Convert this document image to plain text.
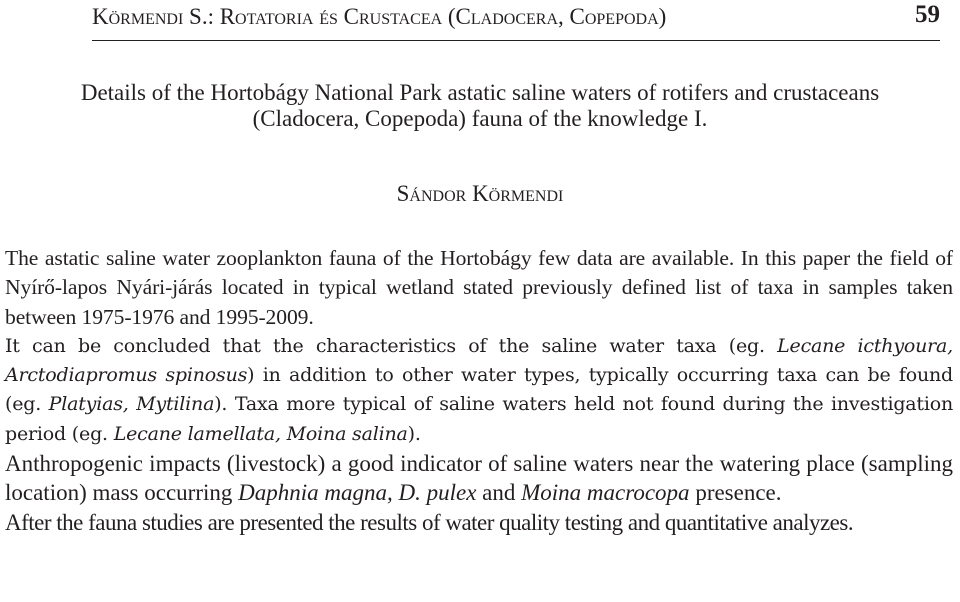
Körmendi S.: Rotatoria és Crustacea (Cladocera, Copepoda)	59
Details of the Hortobágy National Park astatic saline waters of rotifers and crustaceans
(Cladocera, Copepoda) fauna of the knowledge I.
Sándor Körmendi

The astatic saline water zooplankton fauna of the Hortobágy few data are available. In this paper the field of Nyírő-lapos Nyári-járás located in typical wetland stated previously defined list of taxa in samples taken between 1975-1976 and 1995-2009.

It can be concluded that the characteristics of the saline water taxa (eg. Lecane icthyoura, Arctodiapromus spinosus) in addition to other water types, typically occurring taxa can be found (eg. Platyias, Mytilina). Taxa more typical of saline waters held not found during the investigation period (eg. Lecane lamellata, Moina salina).

Anthropogenic impacts (livestock) a good indicator of saline waters near the watering place (sampling location) mass occurring Daphnia magna, D. pulex and Moina macrocopa presence.

After the fauna studies are presented the results of water quality testing and quantitative analyzes.
